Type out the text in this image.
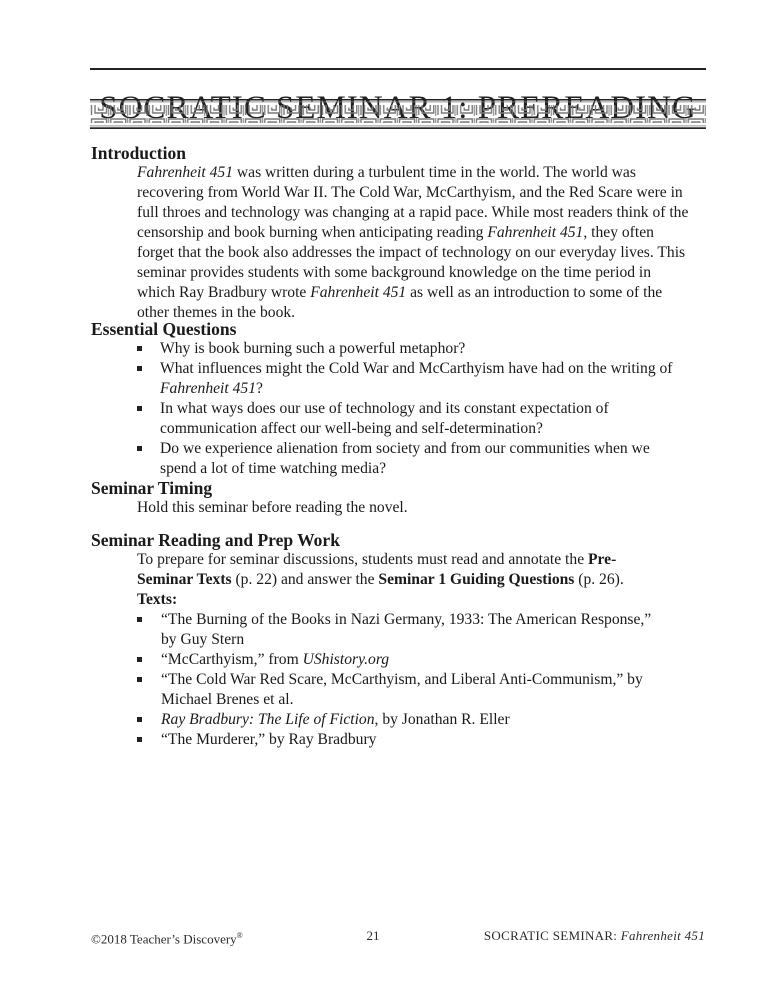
Introduction

Fahrenheit 451 was written during a turbulent time in the world. The world was recovering from World War II. The Cold War, McCarthyism, and the Red Scare were in full throes and technology was changing at a rapid pace. While most readers think of the censorship and book burning when anticipating reading Fahrenheit 451, they often forget that the book also addresses the impact of technology on our everyday lives. This seminar provides students with some background knowledge on the time period in which Ray Bradbury wrote Fahrenheit 451 as well as an introduction to some of the other themes in the book.

Essential Questions
Why is book burning such a powerful metaphor?
What influences might the Cold War and McCarthyism have had on the writing of Fahrenheit 451?
In what ways does our use of technology and its constant expectation of communication affect our well-being and self-determination?
Do we experience alienation from society and from our communities when we spend a lot of time watching media?
Seminar Timing

Hold this seminar before reading the novel.

Seminar Reading and Prep Work

To prepare for seminar discussions, students must read and annotate the Pre-Seminar Texts (p. 22) and answer the Seminar 1 Guiding Questions (p. 26).

Texts:

“The Burning of the Books in Nazi Germany, 1933: The American Response,” by Guy Stern
“McCarthyism,” from UShistory.org
“The Cold War Red Scare, McCarthyism, and Liberal Anti-Communism,” by Michael Brenes et al.
Ray Bradbury: The Life of Fiction, by Jonathan R. Eller
“The Murderer,” by Ray Bradbury
©2018 Teacher’s Discovery®	21	SOCRATIC SEMINAR: Fahrenheit 451
